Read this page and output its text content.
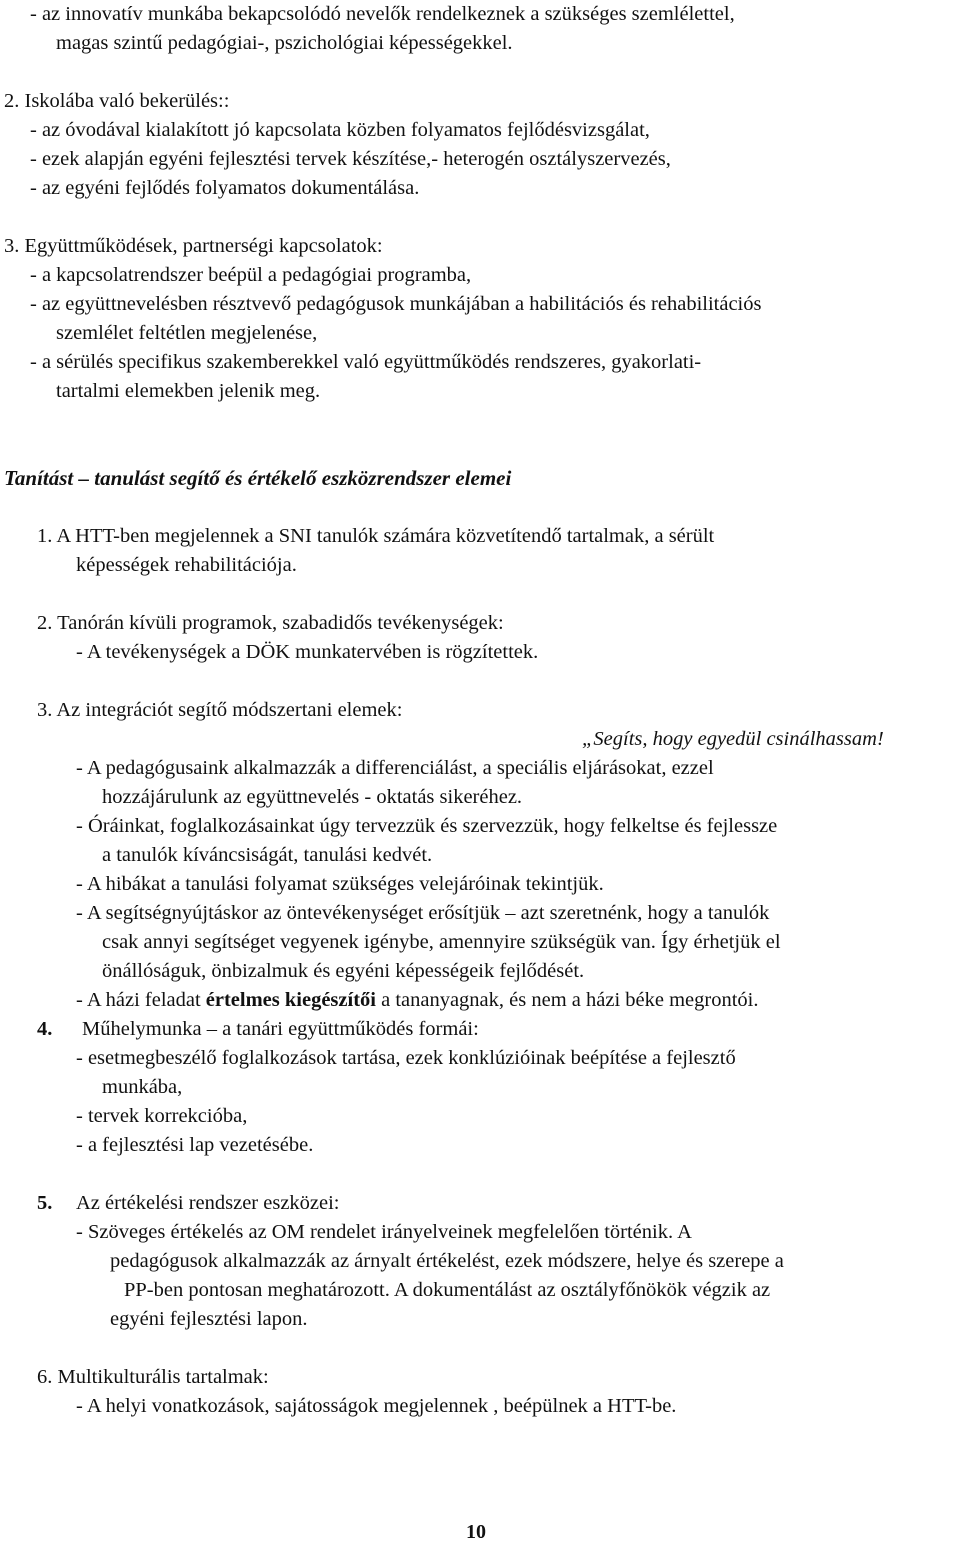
- az innovatív munkába bekapcsolódó nevelők rendelkeznek a szükséges szemlélettel,
magas szintű pedagógiai-, pszichológiai képességekkel.
2. Iskolába való bekerülés::
- az óvodával kialakított jó kapcsolata közben folyamatos fejlődésvizsgálat,
- ezek alapján egyéni fejlesztési tervek készítése,- heterogén osztályszervezés,
- az egyéni fejlődés folyamatos dokumentálása.
3. Együttműködések, partnerségi kapcsolatok:
- a kapcsolatrendszer beépül a pedagógiai programba,
- az együttnevelésben résztvevő pedagógusok munkájában a habilitációs és rehabilitációs
szemlélet feltétlen megjelenése,
- a sérülés specifikus szakemberekkel való együttműködés rendszeres, gyakorlati-
tartalmi elemekben jelenik meg.
Tanítást – tanulást segítő és értékelő eszközrendszer elemei
1. A HTT-ben megjelennek a SNI tanulók számára közvetítendő tartalmak, a sérült
képességek rehabilitációja.
2. Tanórán kívüli programok, szabadidős tevékenységek:
- A tevékenységek a DÖK munkatervében is rögzítettek.
3. Az integrációt segítő módszertani elemek:
„Segíts, hogy egyedül csinálhassam!
- A pedagógusaink alkalmazzák a differenciálást, a speciális eljárásokat, ezzel
hozzájárulunk az együttnevelés - oktatás sikeréhez.
- Óráinkat, foglalkozásainkat úgy tervezzük és szervezzük, hogy felkeltse és fejlessze
a tanulók kíváncsiságát, tanulási kedvét.
- A hibákat a tanulási folyamat szükséges velejáróinak tekintjük.
- A segítségnyújtáskor az öntevékenységet erősítjük – azt szeretnénk, hogy a tanulók
csak annyi segítséget vegyenek igénybe, amennyire szükségük van. Így érhetjük el
önállóságuk, önbizalmuk és egyéni képességeik fejlődését.
- A házi feladat értelmes kiegészítői a tananyagnak, és nem a házi béke megrontói.
4. Műhelymunka – a tanári együttműködés formái:
- esetmegbeszélő foglalkozások tartása, ezek konklúzióinak beépítése a fejlesztő
munkába,
- tervek korrekcióba,
- a fejlesztési lap vezetésébe.
5. Az értékelési rendszer eszközei:
- Szöveges értékelés az OM rendelet irányelveinek megfelelően történik. A
pedagógusok alkalmazzák az árnyalt értékelést, ezek módszere, helye és szerepe a
PP-ben pontosan meghatározott. A dokumentálást az osztályfőnökök végzik az
egyéni fejlesztési lapon.
6. Multikulturális tartalmak:
- A helyi vonatkozások, sajátosságok megjelennek , beépülnek a HTT-be.
10
